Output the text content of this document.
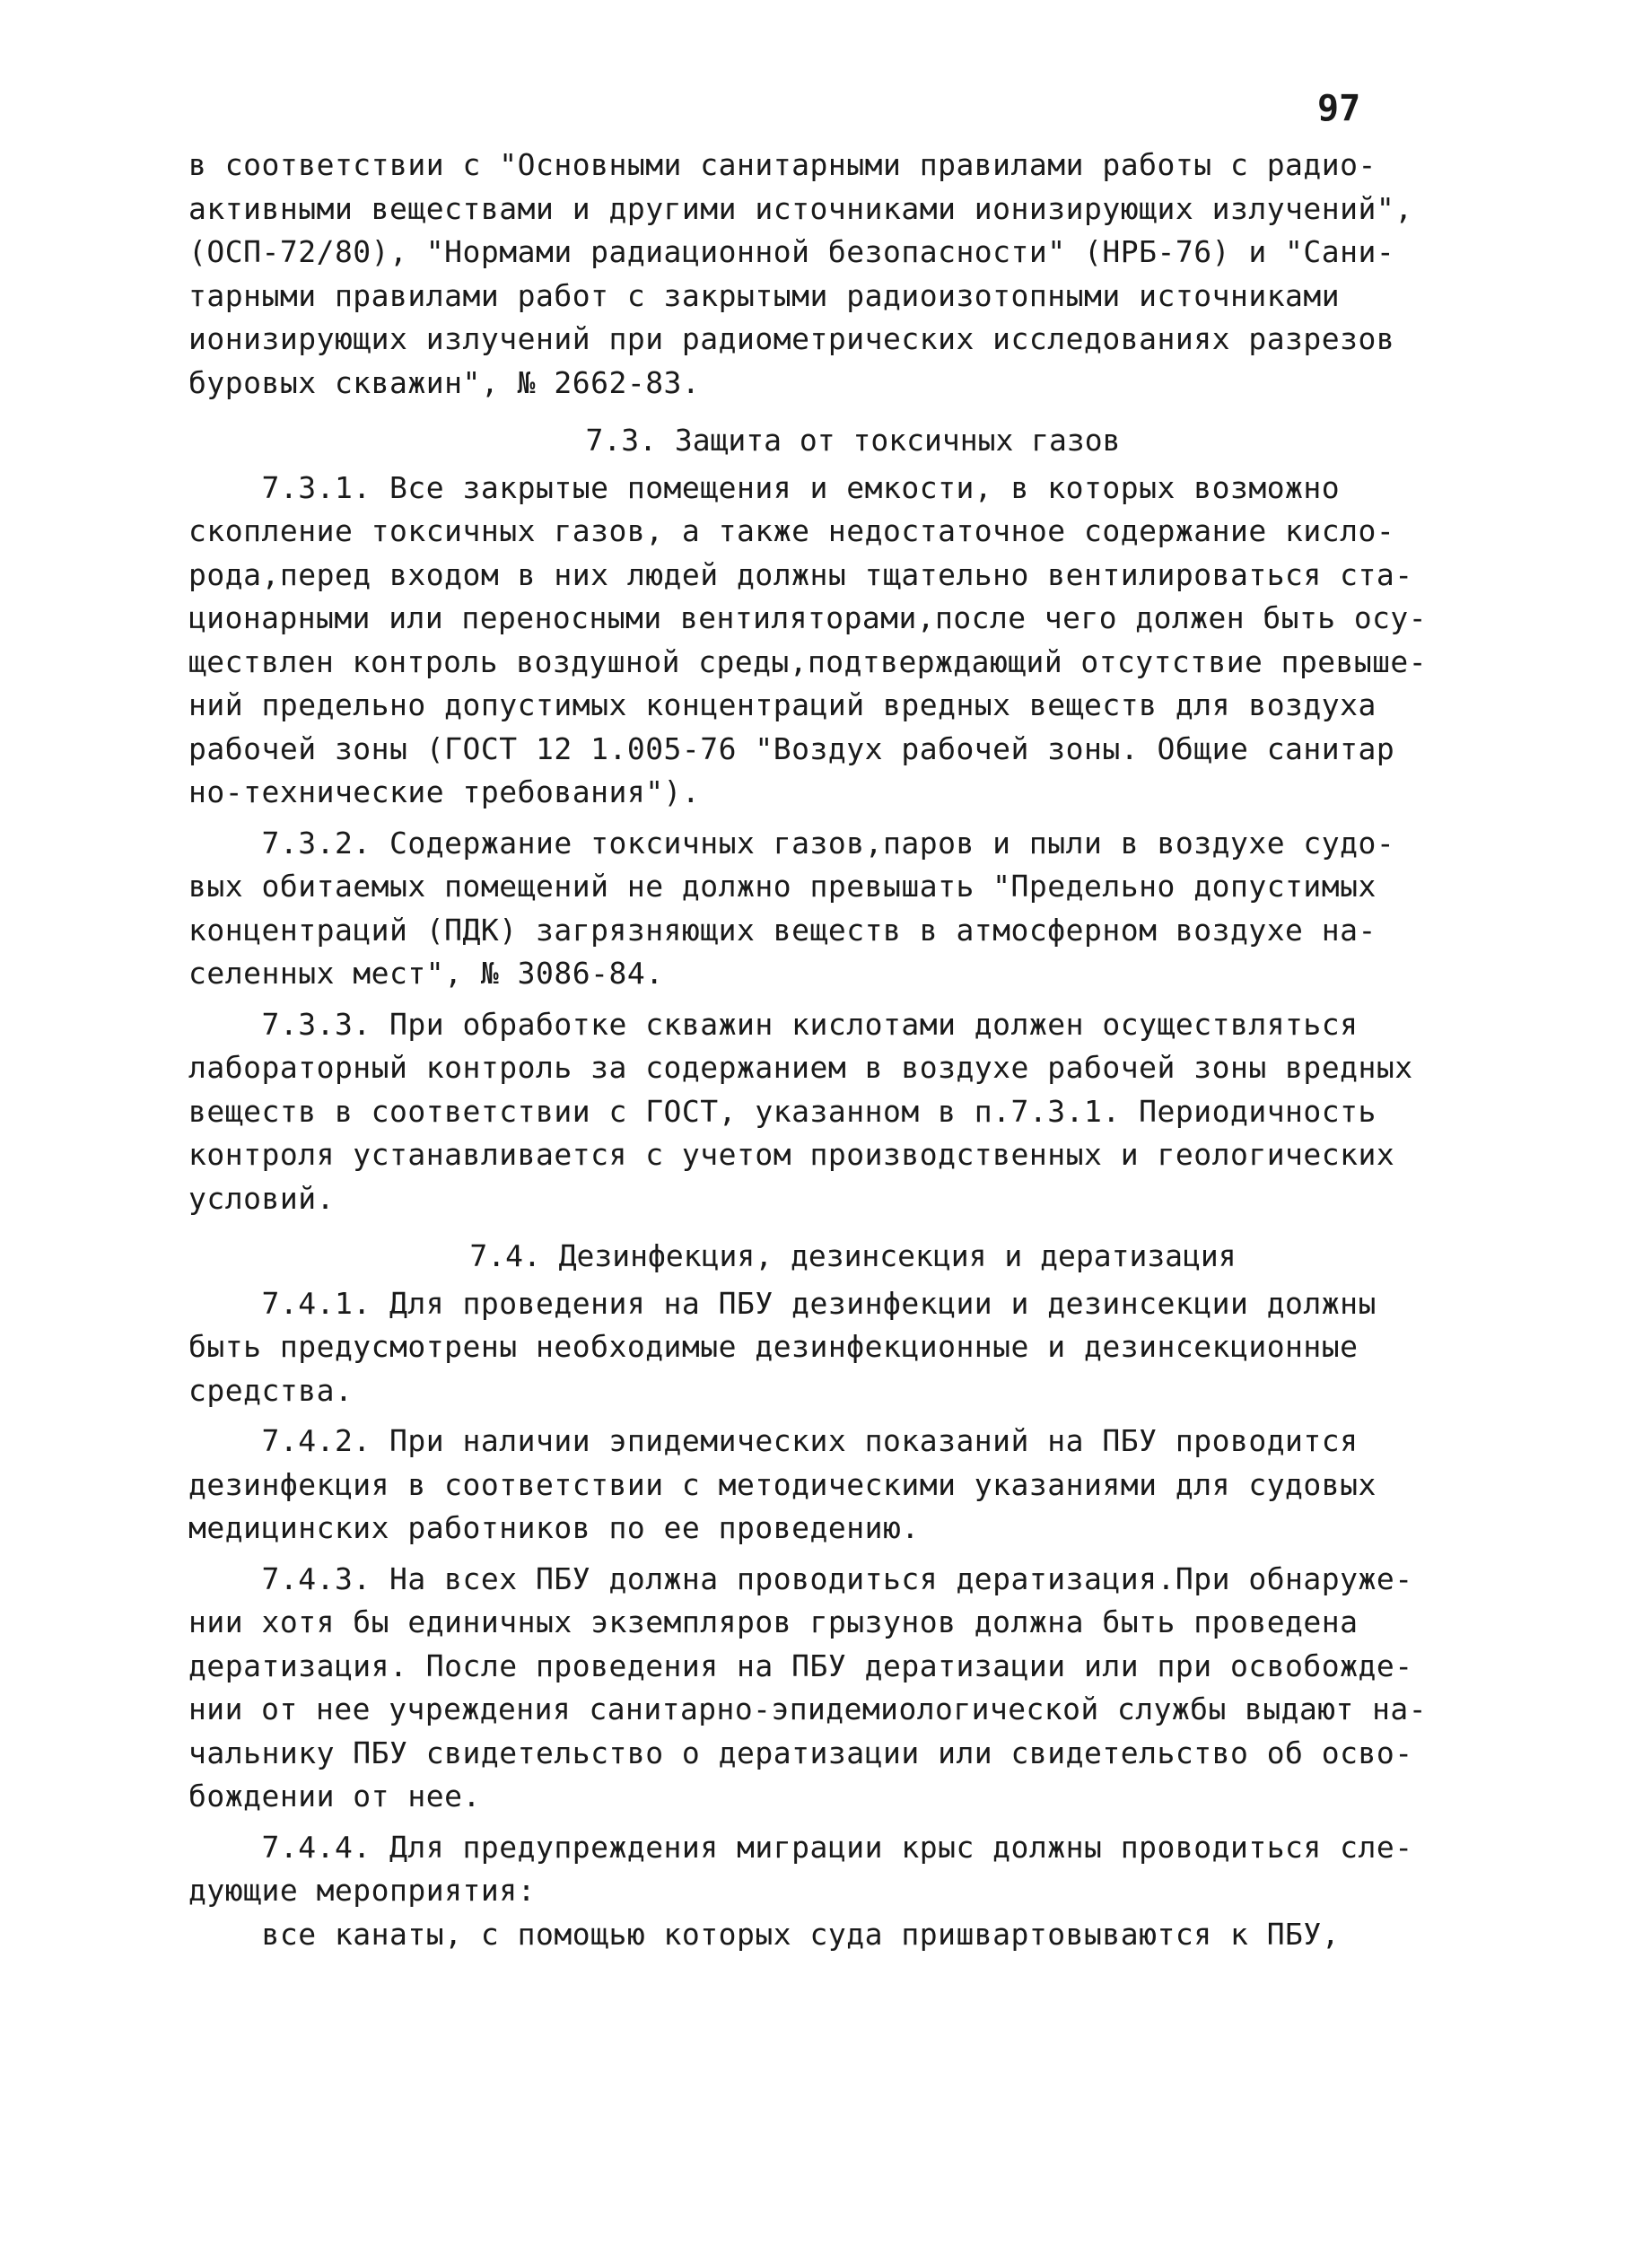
97
в соответствии с "Основными санитарными правилами работы с радио-
активными веществами и другими источниками ионизирующих излучений",
(ОСП-72/80), "Нормами радиационной безопасности" (НРБ-76) и "Сани-
тарными правилами работ с закрытыми радиоизотопными источниками
ионизирующих излучений при радиометрических исследованиях разрезов
буровых скважин", № 2662-83.
7.3. Защита от токсичных газов
7.3.1. Все закрытые помещения и емкости, в которых возможно
скопление токсичных газов, а также недостаточное содержание кисло-
рода,перед входом в них людей должны тщательно вентилироваться ста-
ционарными или переносными вентиляторами,после чего должен быть осу-
ществлен контроль воздушной среды,подтверждающий отсутствие превыше-
ний предельно допустимых концентраций вредных веществ для воздуха
рабочей зоны (ГОСТ 12 1.005-76 "Воздух рабочей зоны. Общие санитар
но-технические требования").
7.3.2. Содержание токсичных газов,паров и пыли в воздухе судо-
вых обитаемых помещений не должно превышать "Предельно допустимых
концентраций (ПДК) загрязняющих веществ в атмосферном воздухе на-
селенных мест", № 3086-84.
7.3.3. При обработке скважин кислотами должен осуществляться
лабораторный контроль за содержанием в воздухе рабочей зоны вредных
веществ в соответствии с ГОСТ, указанном в п.7.3.1. Периодичность
контроля устанавливается с учетом производственных и геологических
условий.
7.4. Дезинфекция, дезинсекция и дератизация
7.4.1. Для проведения на ПБУ дезинфекции и дезинсекции должны
быть предусмотрены необходимые дезинфекционные и дезинсекционные
средства.
7.4.2. При наличии эпидемических показаний на ПБУ проводится
дезинфекция в соответствии с методическими указаниями для судовых
медицинских работников по ее проведению.
7.4.3. На всех ПБУ должна проводиться дератизация.При обнаруже-
нии хотя бы единичных экземпляров грызунов должна быть проведена
дератизация. После проведения на ПБУ дератизации или при освобожде-
нии от нее учреждения санитарно-эпидемиологической службы выдают на-
чальнику ПБУ свидетельство о дератизации или свидетельство об осво-
бождении от нее.
7.4.4. Для предупреждения миграции крыс должны проводиться сле-
дующие мероприятия:
все канаты, с помощью которых суда пришвартовываются к ПБУ,
